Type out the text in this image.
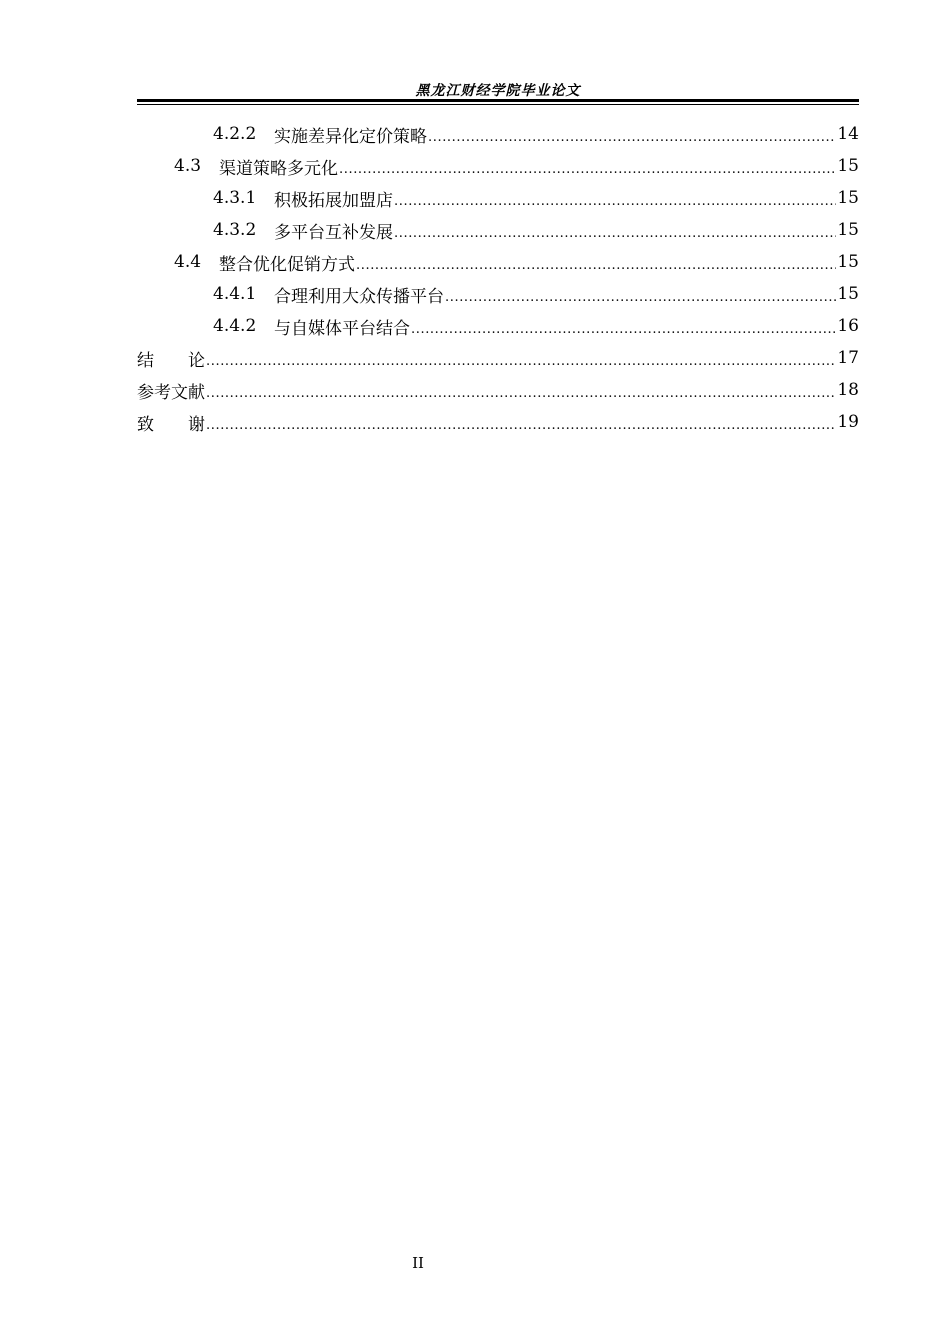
黑龙江财经学院毕业论文
4.2.2	实施差异化定价策略 .....	14
4.3	渠道策略多元化 .....	15
4.3.1	积极拓展加盟店 .....	15
4.3.2	多平台互补发展 .....	15
4.4	整合优化促销方式 .....	15
4.4.1	合理利用大众传播平台 .....	15
4.4.2	与自媒体平台结合 .....	16
结　　论 .....	17
参考文献 .....	18
致　　谢 .....	19
II
